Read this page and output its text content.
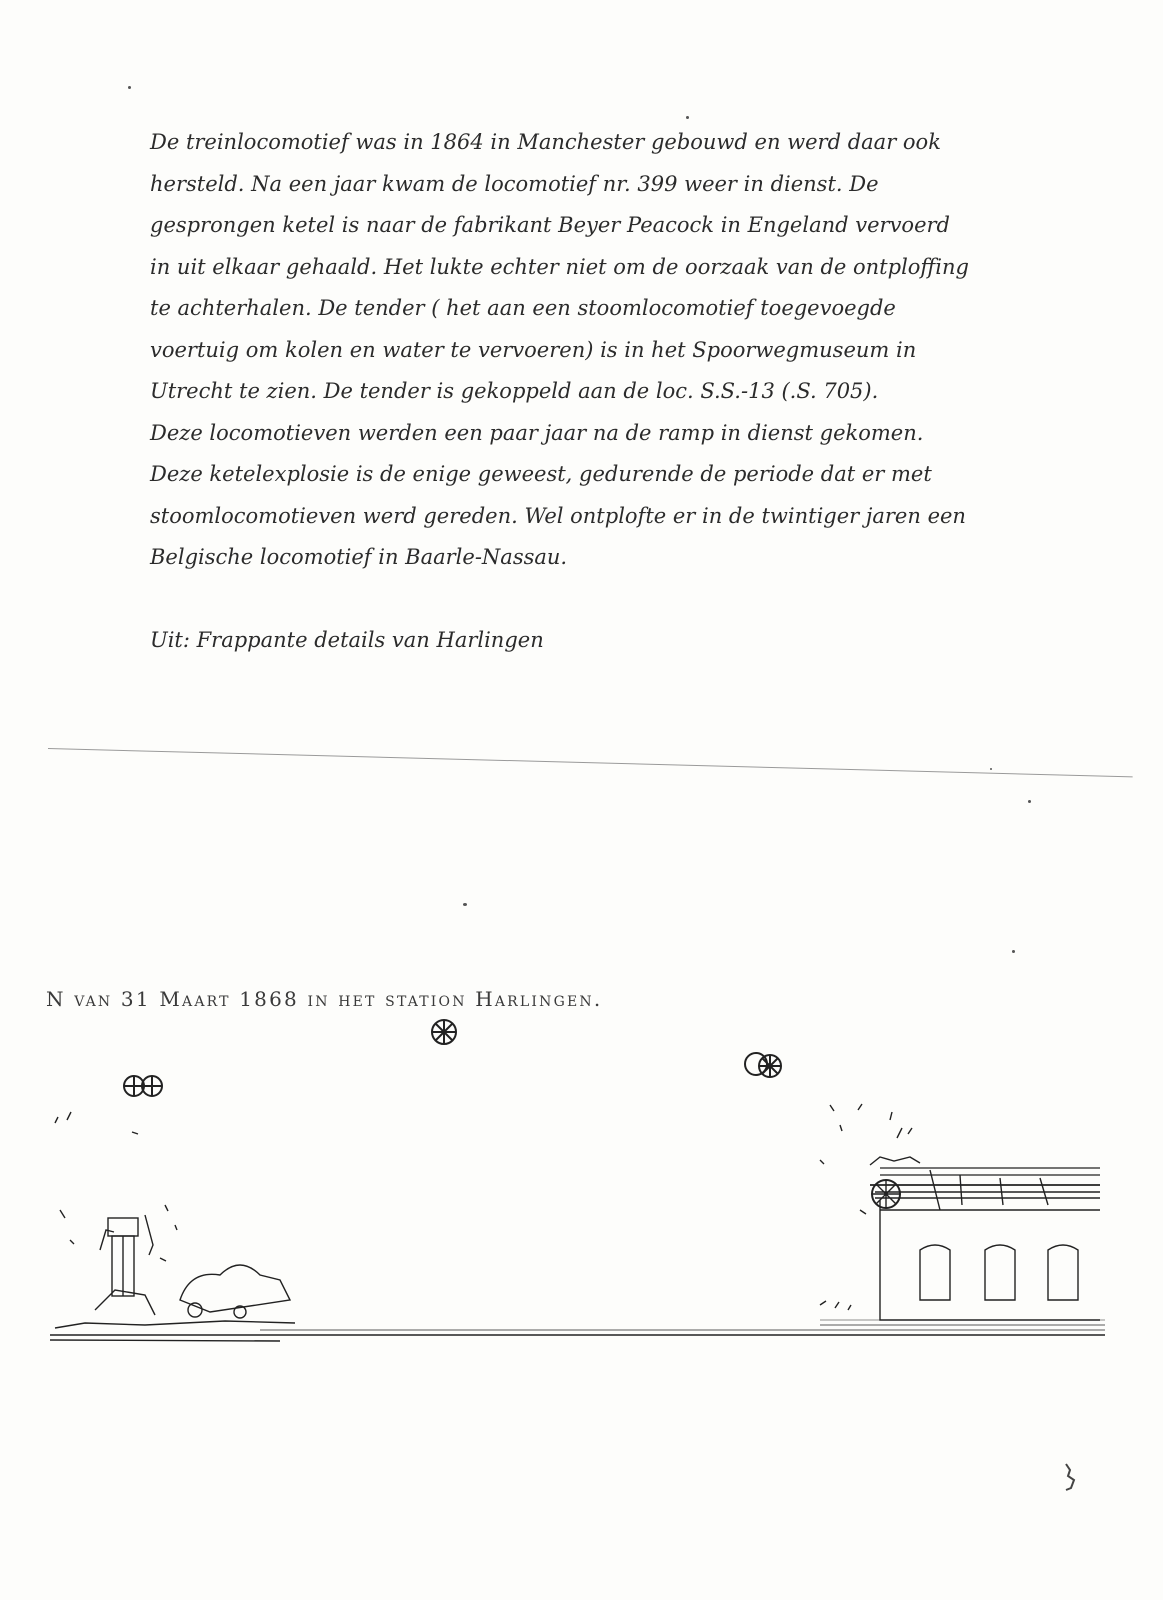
De treinlocomotief was in 1864 in Manchester gebouwd en werd daar ook
hersteld. Na een jaar kwam de locomotief nr. 399 weer in dienst. De
gesprongen ketel is naar de fabrikant Beyer Peacock in Engeland vervoerd
in uit elkaar gehaald. Het lukte echter niet om de oorzaak van de ontploffing
te achterhalen. De tender ( het aan een stoomlocomotief toegevoegde
voertuig om kolen en water te vervoeren) is in het Spoorwegmuseum in
Utrecht te zien. De tender is gekoppeld aan de loc. S.S.-13 (.S. 705).
Deze locomotieven werden een paar jaar na de ramp in dienst gekomen.
Deze ketelexplosie is de enige geweest, gedurende de periode dat er met
stoomlocomotieven werd gereden. Wel ontplofte er in de twintiger jaren een
Belgische locomotief in Baarle-Nassau.
Uit: Frappante details van Harlingen
N van 31 Maart 1868 in het station Harlingen.
